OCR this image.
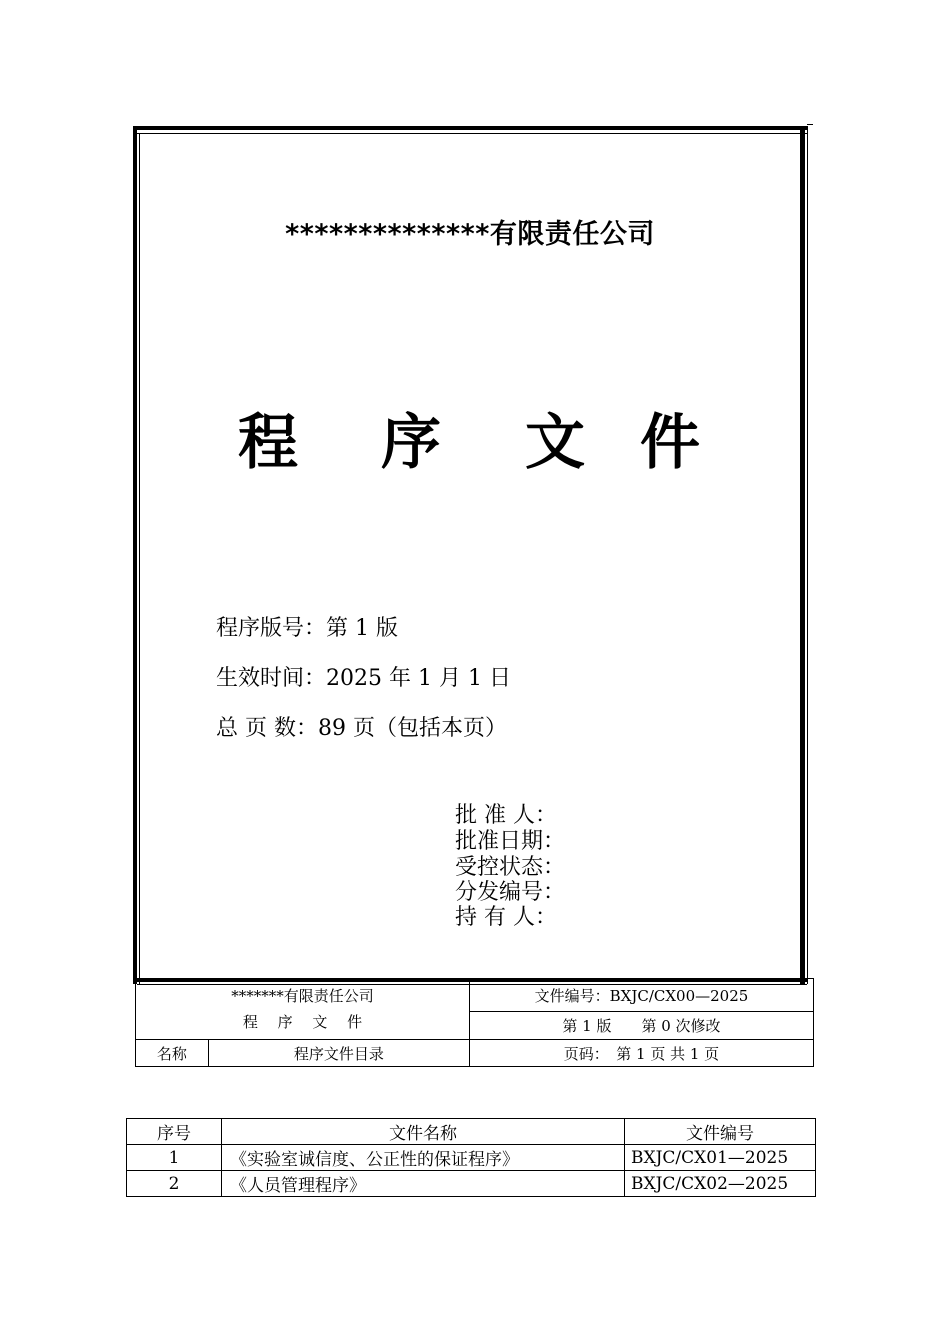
**************有限责任公司
程 序 文 件
程序版号：第 1 版
生效时间：2025 年 1 月 1 日
总 页 数：89 页（包括本页）
批 准 人：
批准日期：
受控状态：
分发编号：
持 有 人：
*******有限责任公司
程　 序　 文　 件		文件编号：BXJC/CX00—2025
		第 1 版　　第 0 次修改
名称	程序文件目录	页码：　第 1 页 共 1 页
序号	文件名称	文件编号
1	《实验室诚信度、公正性的保证程序》	BXJC/CX01—2025
2	《人员管理程序》	BXJC/CX02—2025
